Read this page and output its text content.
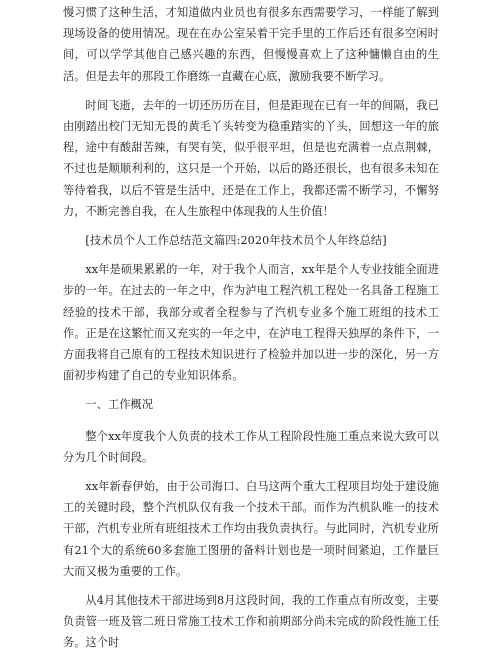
慢习惯了这种生活，才知道做内业员也有很多东西需要学习，一样能了解到现场设备的使用情况。现在在办公室呆着干完手里的工作后还有很多空闲时间，可以学学其他自己感兴趣的东西，但慢慢喜欢上了这种慵懒自由的生活。但是去年的那段工作磨练一直藏在心底，激励我要不断学习。

时间飞逝，去年的一切还历历在目，但是距现在已有一年的间隔，我已由刚踏出校门无知无畏的黄毛丫头转变为稳重踏实的丫头，回想这一年的旅程，途中有酸甜苦辣，有哭有笑，似乎很平坦，但是也充满着一点点荆棘，不过也是顺顺利利的，这只是一个开始，以后的路还很长，也有很多未知在等待着我，以后不管是生活中，还是在工作上，我都还需不断学习，不懈努力，不断完善自我，在人生旅程中体现我的人生价值！

[技术员个人工作总结范文篇四:2020年技术员个人年终总结]

xx年是硕果累累的一年，对于我个人而言，xx年是个人专业技能全面进步的一年。在过去的一年之中，作为泸电工程汽机工程处一名具备工程施工经验的技术干部，我部分或者全程参与了汽机专业多个施工班组的技术工作。正是在这繁忙而又充实的一年之中，在泸电工程得天独厚的条件下，一方面我将自己原有的工程技术知识进行了检验并加以进一步的深化，另一方面初步构建了自己的专业知识体系。

一、工作概况

整个xx年度我个人负责的技术工作从工程阶段性施工重点来说大致可以分为几个时间段。

xx年新春伊始，由于公司海口、白马这两个重大工程项目均处于建设施工的关键时段，整个汽机队仅有我一个技术干部。而作为汽机队唯一的技术干部，汽机专业所有班组技术工作均由我负责执行。与此同时，汽机专业所有21个大的系统60多套施工图册的备料计划也是一项时间紧迫，工作量巨大而又极为重要的工作。

从4月其他技术干部进场到8月这段时间，我的工作重点有所改变，主要负责管一班及管二班日常施工技术工作和前期部分尚未完成的阶段性施工任务。这个时
